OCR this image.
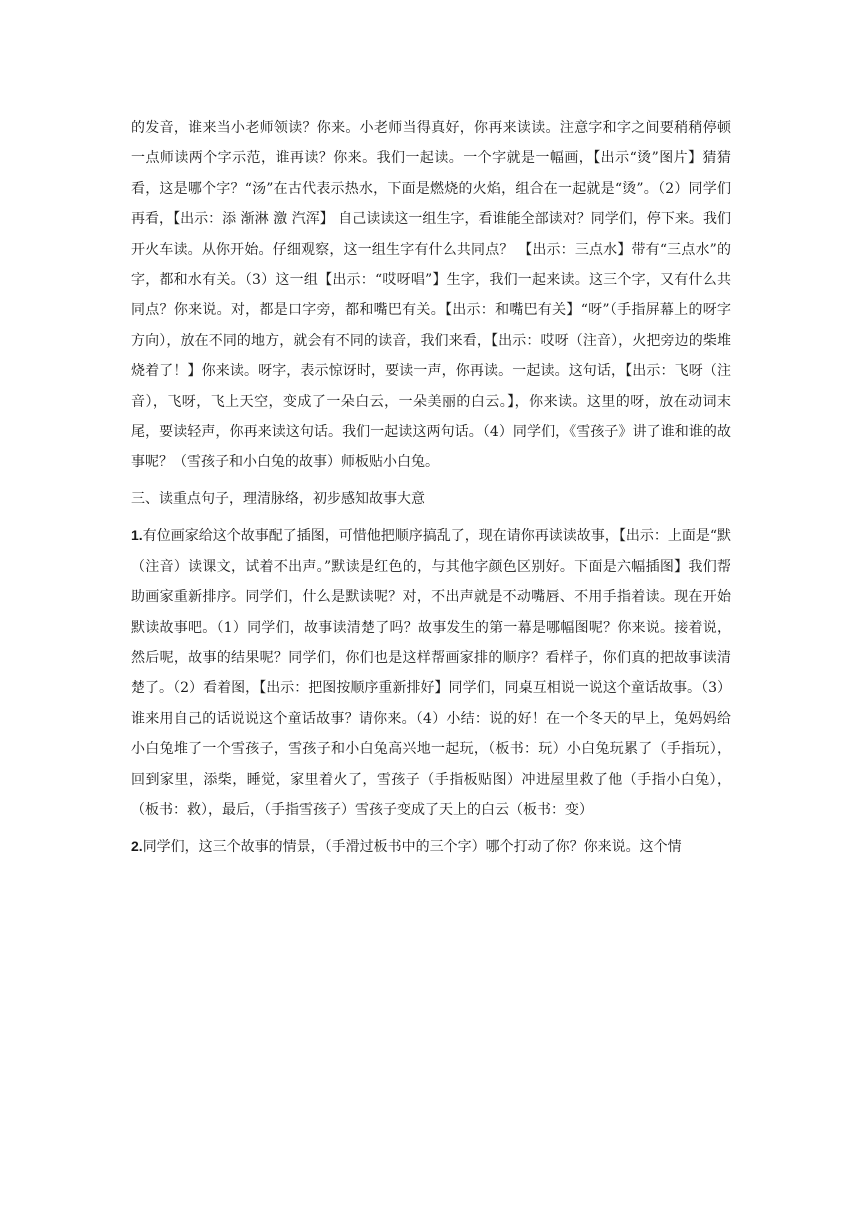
的发音，谁来当小老师领读？你来。小老师当得真好，你再来读读。注意字和字之间要稍稍停顿一点师读两个字示范，谁再读？你来。我们一起读。一个字就是一幅画，【出示“烫”图片】猜猜看，这是哪个字？“汤”在古代表示热水，下面是燃烧的火焰，组合在一起就是“烫”。（2）同学们再看，【出示：添 渐淋 激 汽浑】 自己读读这一组生字，看谁能全部读对？同学们，停下来。我们开火车读。从你开始。仔细观察，这一组生字有什么共同点？ 【出示：三点水】带有“三点水”的字，都和水有关。（3）这一组【出示：“哎呀唱”】生字，我们一起来读。这三个字，又有什么共同点？你来说。对，都是口字旁，都和嘴巴有关。【出示：和嘴巴有关】“呀”（手指屏幕上的呀字方向），放在不同的地方，就会有不同的读音，我们来看，【出示：哎呀（注音），火把旁边的柴堆烧着了！】你来读。呀字，表示惊讶时，要读一声，你再读。一起读。这句话，【出示：飞呀（注音），飞呀，飞上天空，变成了一朵白云，一朵美丽的白云。】，你来读。这里的呀，放在动词末尾，要读轻声，你再来读这句话。我们一起读这两句话。（4）同学们，《雪孩子》讲了谁和谁的故事呢？（雪孩子和小白兔的故事）师板贴小白兔。

三、读重点句子，理清脉络，初步感知故事大意

1.有位画家给这个故事配了插图，可惜他把顺序搞乱了，现在请你再读读故事，【出示：上面是“默（注音）读课文，试着不出声。”默读是红色的，与其他字颜色区别好。下面是六幅插图】我们帮助画家重新排序。同学们，什么是默读呢？对，不出声就是不动嘴唇、不用手指着读。现在开始默读故事吧。（1）同学们，故事读清楚了吗？故事发生的第一幕是哪幅图呢？你来说。接着说，然后呢，故事的结果呢？同学们，你们也是这样帮画家排的顺序？看样子，你们真的把故事读清楚了。（2）看着图，【出示：把图按顺序重新排好】同学们，同桌互相说一说这个童话故事。（3）谁来用自己的话说说这个童话故事？请你来。（4）小结：说的好！在一个冬天的早上，兔妈妈给小白兔堆了一个雪孩子，雪孩子和小白兔高兴地一起玩，（板书：玩）小白兔玩累了（手指玩），回到家里，添柴，睡觉，家里着火了，雪孩子（手指板贴图）冲进屋里救了他（手指小白兔），（板书：救），最后，（手指雪孩子）雪孩子变成了天上的白云（板书：变）

2.同学们，这三个故事的情景，（手滑过板书中的三个字）哪个打动了你？你来说。这个情
